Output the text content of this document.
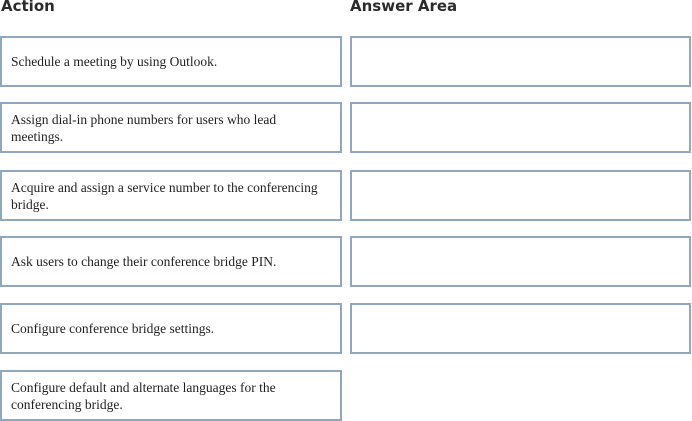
Action	Answer Area
Schedule a meeting by using Outlook.
Assign dial-in phone numbers for users who lead meetings.
Acquire and assign a service number to the conferencing bridge.
Ask users to change their conference bridge PIN.
Configure conference bridge settings.
Configure default and alternate languages for the conferencing bridge.
